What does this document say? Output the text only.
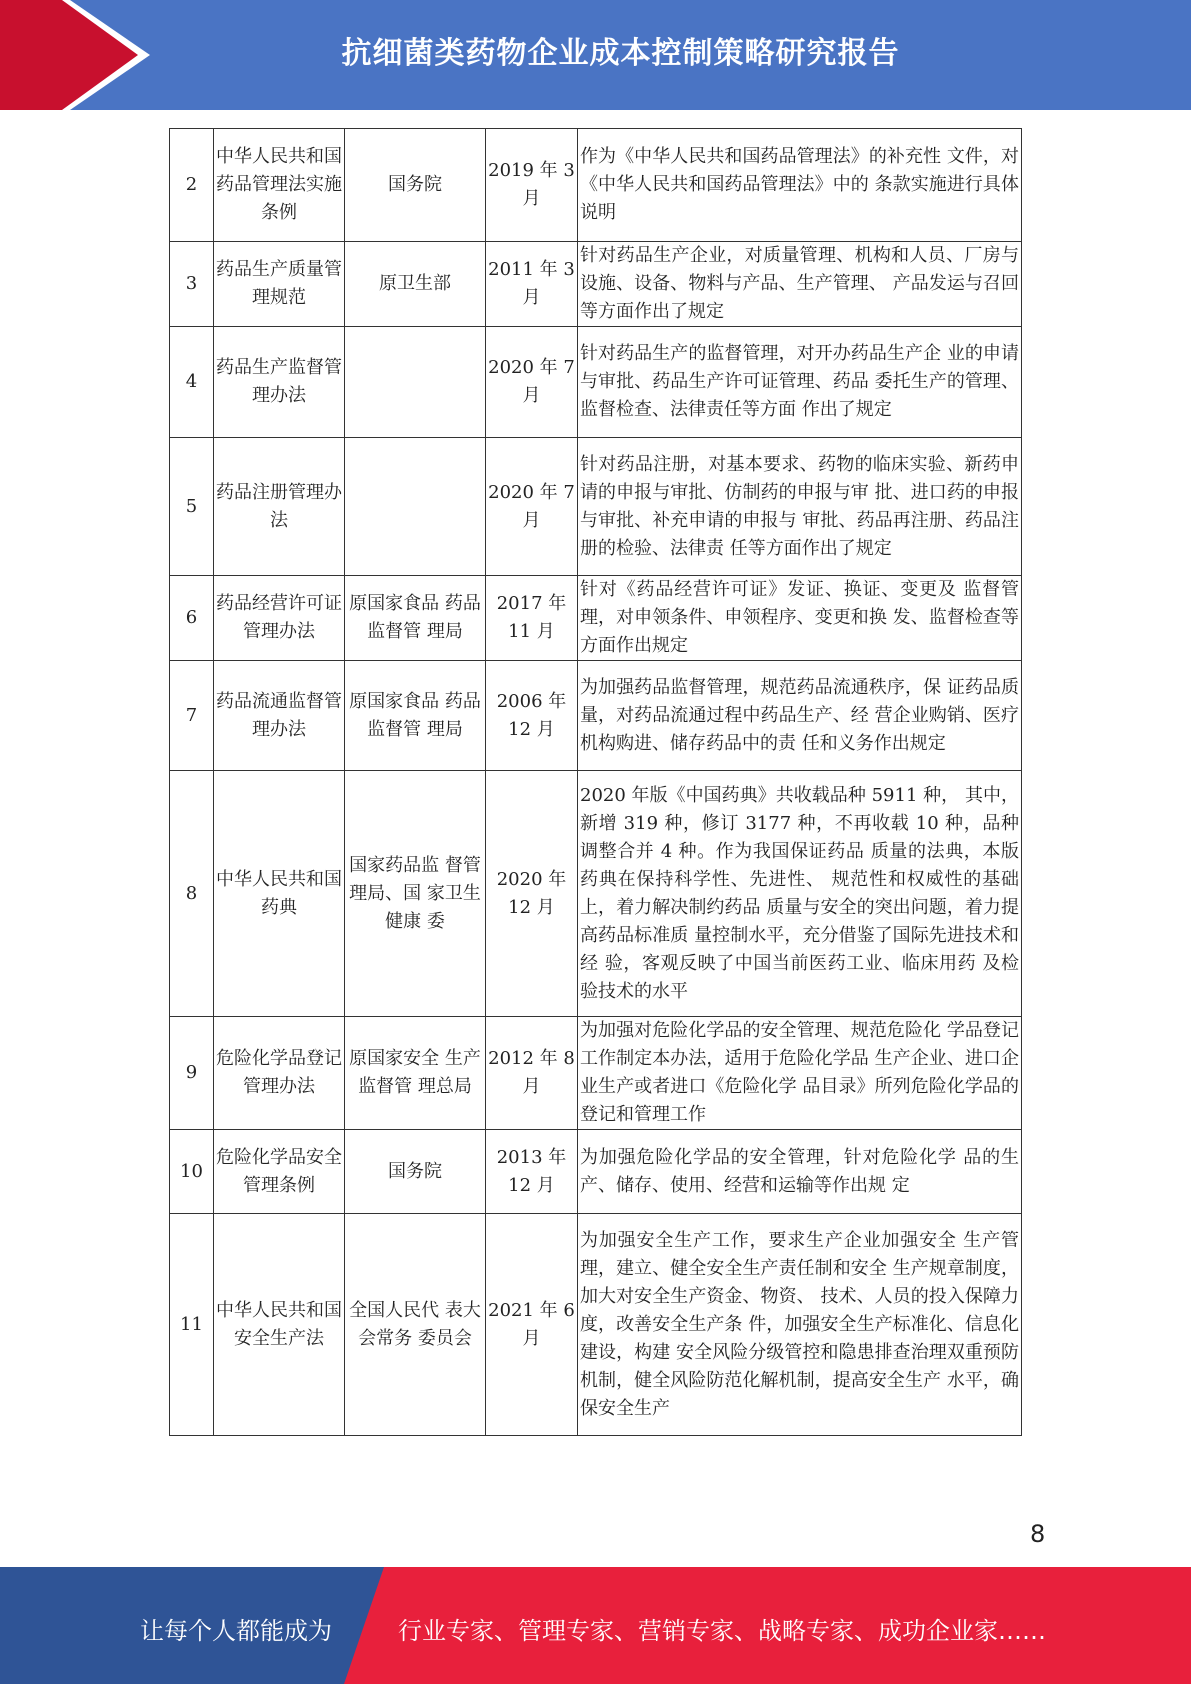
抗细菌类药物企业成本控制策略研究报告
2	中华人民共和国药品管理法实施条例	国务院	2019 年 3 月	作为《中华人民共和国药品管理法》的补充性 文件，对《中华人民共和国药品管理法》中的 条款实施进行具体说明
3	药品生产质量管理规范	原卫生部	2011 年 3 月	针对药品生产企业，对质量管理、机构和人员、厂房与设施、设备、物料与产品、生产管理、 产品发运与召回等方面作出了规定
4	药品生产监督管理办法		2020 年 7 月	针对药品生产的监督管理，对开办药品生产企 业的申请与审批、药品生产许可证管理、药品 委托生产的管理、监督检查、法律责任等方面 作出了规定
5	药品注册管理办法		2020 年 7 月	针对药品注册，对基本要求、药物的临床实验、新药申请的申报与审批、仿制药的申报与审 批、进口药的申报与审批、补充申请的申报与 审批、药品再注册、药品注册的检验、法律责 任等方面作出了规定
6	药品经营许可证管理办法	原国家食品 药品监督管 理局	2017 年 11 月	针对《药品经营许可证》发证、换证、变更及 监督管理，对申领条件、申领程序、变更和换 发、监督检查等方面作出规定
7	药品流通监督管理办法	原国家食品 药品监督管 理局	2006 年 12 月	为加强药品监督管理，规范药品流通秩序，保 证药品质量，对药品流通过程中药品生产、经 营企业购销、医疗机构购进、储存药品中的责 任和义务作出规定
8	中华人民共和国药典	国家药品监 督管理局、国 家卫生健康 委	2020 年 12 月	2020 年版《中国药典》共收载品种 5911 种， 其中，新增 319 种，修订 3177 种，不再收载 10 种，品种调整合并 4 种。作为我国保证药品 质量的法典，本版药典在保持科学性、先进性、 规范性和权威性的基础上，着力解决制约药品 质量与安全的突出问题，着力提高药品标准质 量控制水平，充分借鉴了国际先进技术和经 验，客观反映了中国当前医药工业、临床用药 及检验技术的水平
9	危险化学品登记管理办法	原国家安全 生产监督管 理总局	2012 年 8 月	为加强对危险化学品的安全管理、规范危险化 学品登记工作制定本办法，适用于危险化学品 生产企业、进口企业生产或者进口《危险化学 品目录》所列危险化学品的登记和管理工作
10	危险化学品安全管理条例	国务院	2013 年 12 月	为加强危险化学品的安全管理，针对危险化学 品的生产、储存、使用、经营和运输等作出规 定
11	中华人民共和国安全生产法	全国人民代 表大会常务 委员会	2021 年 6 月	为加强安全生产工作，要求生产企业加强安全 生产管理，建立、健全安全生产责任制和安全 生产规章制度，加大对安全生产资金、物资、 技术、人员的投入保障力度，改善安全生产条 件，加强安全生产标准化、信息化建设，构建 安全风险分级管控和隐患排查治理双重预防 机制，健全风险防范化解机制，提高安全生产 水平，确保安全生产
8
让每个人都能成为	行业专家、管理专家、营销专家、战略专家、成功企业家……
